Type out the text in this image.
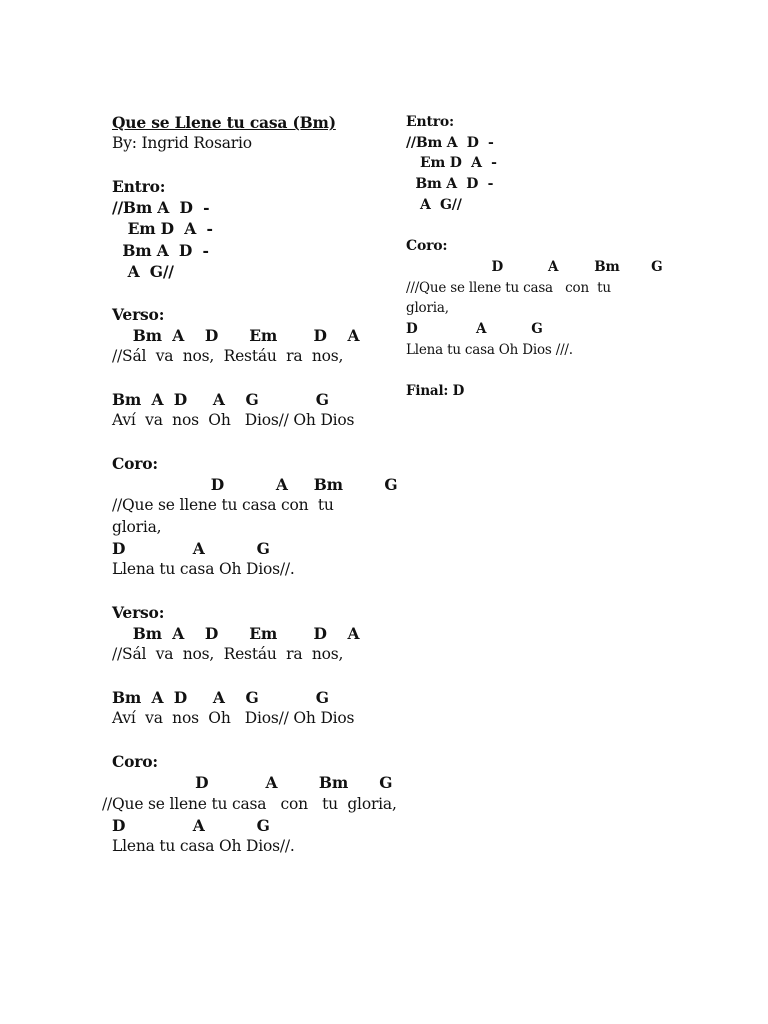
Que se Llene tu casa (Bm)
By: Ingrid Rosario
Entro:
//Bm A  D  -
Em D  A  -
Bm A  D  -
A  G//
Verso:
Bm  A    D      Em       D    A
//Sál  va  nos,  Restáu  ra  nos,
Bm  A  D     A    G           G
Aví  va  nos  Oh   Dios// Oh Dios
Coro:
D          A     Bm        G
//Que se llene tu casa con  tu
gloria,
D             A          G
Llena tu casa Oh Dios//.
Verso:
Bm  A    D      Em       D    A
//Sál  va  nos,  Restáu  ra  nos,
Bm  A  D     A    G           G
Aví  va  nos  Oh   Dios// Oh Dios
Coro:
D           A        Bm      G
//Que se llene tu casa   con   tu  gloria,
D             A          G
Llena tu casa Oh Dios//.
Entro:
//Bm A  D  -
Em D  A  -
Bm A  D  -
A  G//
Coro:
D          A        Bm       G
///Que se llene tu casa   con  tu
gloria,
D             A          G
Llena tu casa Oh Dios ///.
Final: D
